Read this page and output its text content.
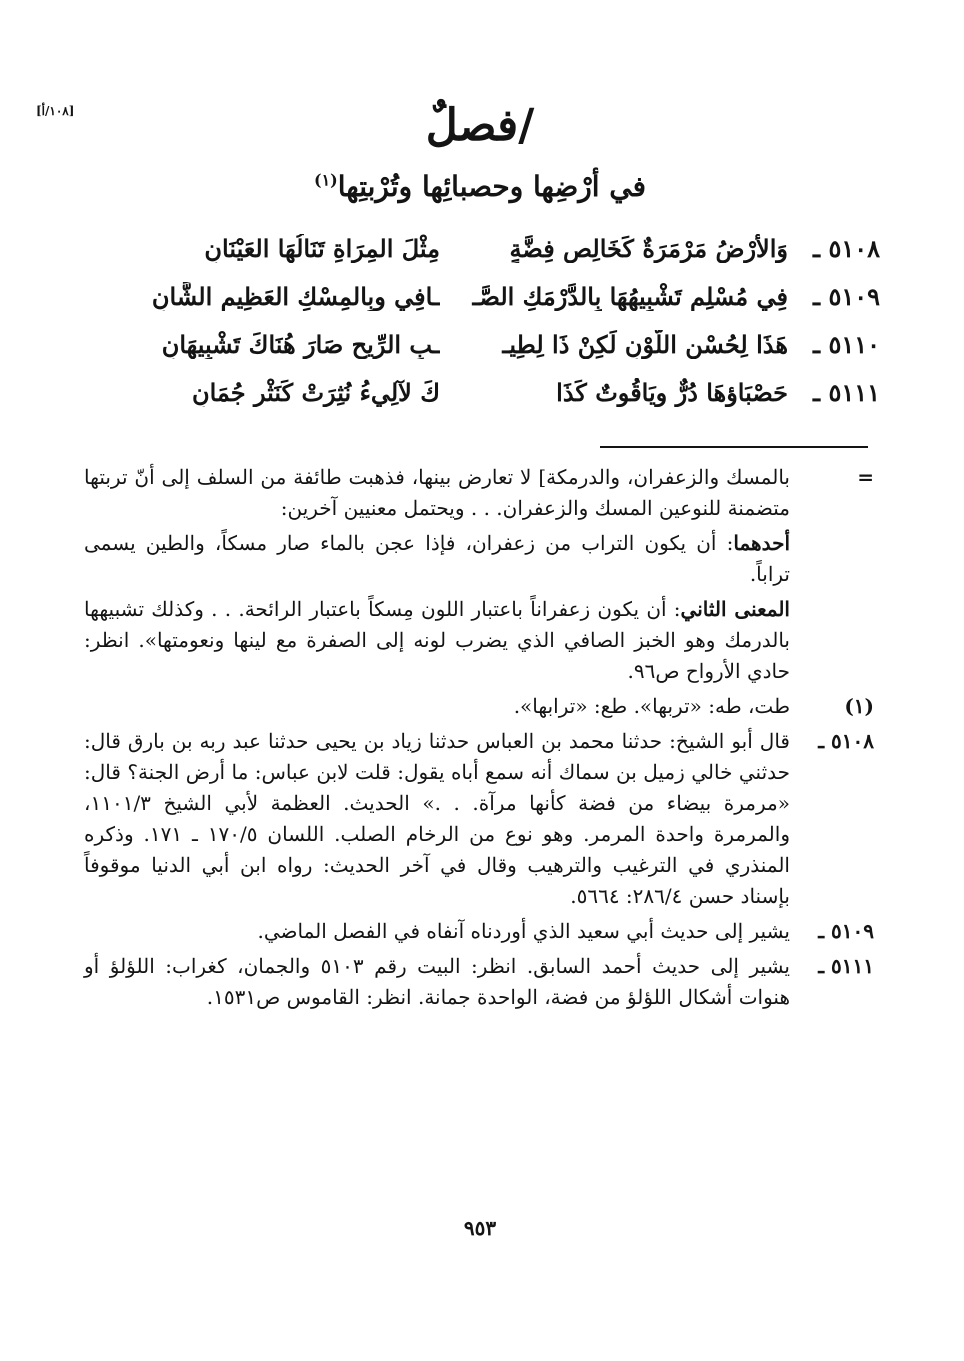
[١٠٨/أ]	/فصلٌ
في أرْضِها وحصبائِها وتُرْبتِها$^{(١)}$
٥١٠٨ ـ
وَالأرْضُ مَرْمَرَةٌ كَخَالِصِ فِضَّةٍ
مِثْلَ المِرَاةِ تَنَالُهَا العَيْنَانِ
٥١٠٩ ـ
فِي مُسْلِمٍ تَشْبِيهُهَا بِالدَّرْمَكِ الصَّـ
ـافِي وبِالمِسْكِ العَظِيمِ الشَّانِ
٥١١٠ ـ
هَذَا لِحُسْنِ اللَّوْنِ لَكِنْ ذَا لِطِيـ
ـبِ الرِّيحِ صَارَ هُنَاكَ تَشْبِيهَانِ
٥١١١ ـ
حَصْبَاؤهَا دُرٌّ ويَاقُوتٌ كَذَا
كَ لآلِيءُ نُثِرَتْ كَنَثْرِ جُمَانِ
=

بالمسك والزعفران، والدرمكة] لا تعارض بينها، فذهبت طائفة من السلف إلى أنّ تربتها متضمنة للنوعين المسك والزعفران. . . ويحتمل معنيين آخرين:

أحدهما: أن يكون التراب من زعفران، فإذا عجن بالماء صار مسكاً، والطين يسمى تراباً.

المعنى الثاني: أن يكون زعفراناً باعتبار اللون مِسكاً باعتبار الرائحة. . . وكذلك تشبيهها بالدرمك وهو الخبز الصافي الذي يضرب لونه إلى الصفرة مع لينها ونعومتها». انظر: حادي الأرواح ص٩٦.

(١)

طت، طه: «تربها». طع: «ترابها».

٥١٠٨ ـ

قال أبو الشيخ: حدثنا محمد بن العباس حدثنا زياد بن يحيى حدثنا عبد ربه بن بارق قال: حدثني خالي زميل بن سماك أنه سمع أباه يقول: قلت لابن عباس: ما أرض الجنة؟ قال: «مرمرة بيضاء من فضة كأنها مرآة. . .» الحديث. العظمة لأبي الشيخ ١١٠١/٣، والمرمرة واحدة المرمر. وهو نوع من الرخام الصلب. اللسان ١٧٠/٥ ـ ١٧١. وذكره المنذري في الترغيب والترهيب وقال في آخر الحديث: رواه ابن أبي الدنيا موقوفاً بإسناد حسن ٢٨٦/٤: ٥٦٦٤.

٥١٠٩ ـ

يشير إلى حديث أبي سعيد الذي أوردناه آنفاه في الفصل الماضي.

٥١١١ ـ

يشير إلى حديث أحمد السابق. انظر: البيت رقم ٥١٠٣ والجمان، كغراب: اللؤلؤ أو هنوات أشكال اللؤلؤ من فضة، الواحدة جمانة. انظر: القاموس ص١٥٣١.

٩٥٣
